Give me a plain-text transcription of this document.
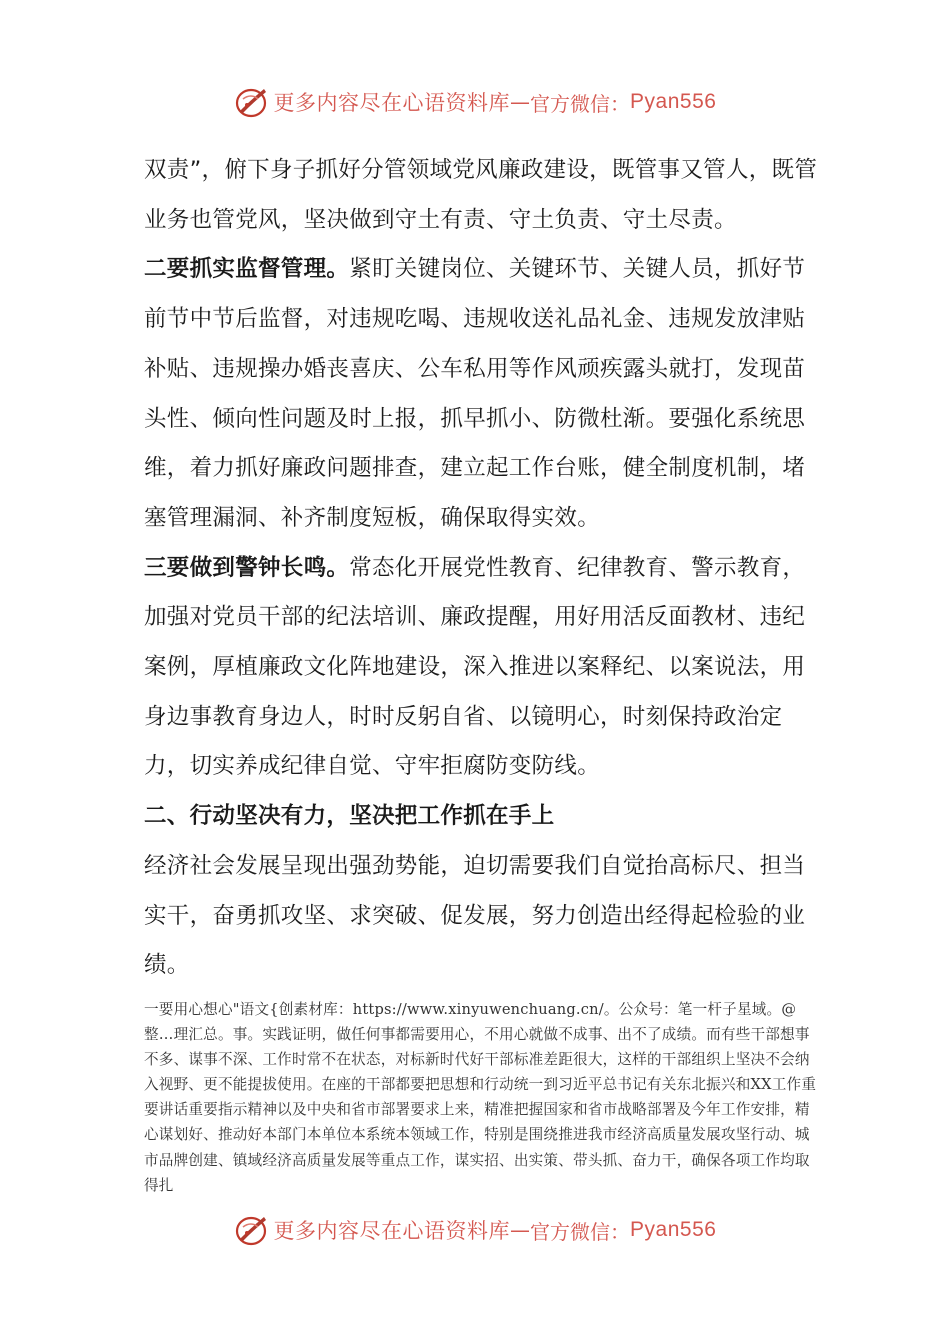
更多内容尽在心语资料库 — 官方微信： Pyan556

双责”，俯下身子抓好分管领域党风廉政建设，既管事又管人，既管业务也管党风，坚决做到守土有责、守土负责、守土尽责。

二要抓实监督管理。紧盯关键岗位、关键环节、关键人员，抓好节前节中节后监督，对违规吃喝、违规收送礼品礼金、违规发放津贴补贴、违规操办婚丧喜庆、公车私用等作风顽疾露头就打，发现苗头性、倾向性问题及时上报，抓早抓小、防微杜渐。要强化系统思维，着力抓好廉政问题排查，建立起工作台账，健全制度机制，堵塞管理漏洞、补齐制度短板，确保取得实效。

三要做到警钟长鸣。常态化开展党性教育、纪律教育、警示教育，加强对党员干部的纪法培训、廉政提醒，用好用活反面教材、违纪案例，厚植廉政文化阵地建设，深入推进以案释纪、以案说法，用身边事教育身边人，时时反躬自省、以镜明心，时刻保持政治定力，切实养成纪律自觉、守牢拒腐防变防线。

二、行动坚决有力，坚决把工作抓在手上

经济社会发展呈现出强劲势能，迫切需要我们自觉抬高标尺、担当实干，奋勇抓攻坚、求突破、促发展，努力创造出经得起检验的业绩。

一要用心想心"语文{创素材库：https://www.xinyuwenchuang.cn/。公众号：笔一杆子星域。@整…理汇总。事。实践证明，做任何事都需要用心，不用心就做不成事、出不了成绩。而有些干部想事不多、谋事不深、工作时常不在状态，对标新时代好干部标准差距很大，这样的干部组织上坚决不会纳入视野、更不能提拔使用。在座的干部都要把思想和行动统一到习近平总书记有关东北振兴和XX工作重要讲话重要指示精神以及中央和省市部署要求上来，精准把握国家和省市战略部署及今年工作安排，精心谋划好、推动好本部门本单位本系统本领域工作，特别是围绕推进我市经济高质量发展攻坚行动、城市品牌创建、镇域经济高质量发展等重点工作，谋实招、出实策、带头抓、奋力干，确保各项工作均取得扎

更多内容尽在心语资料库 — 官方微信： Pyan556
